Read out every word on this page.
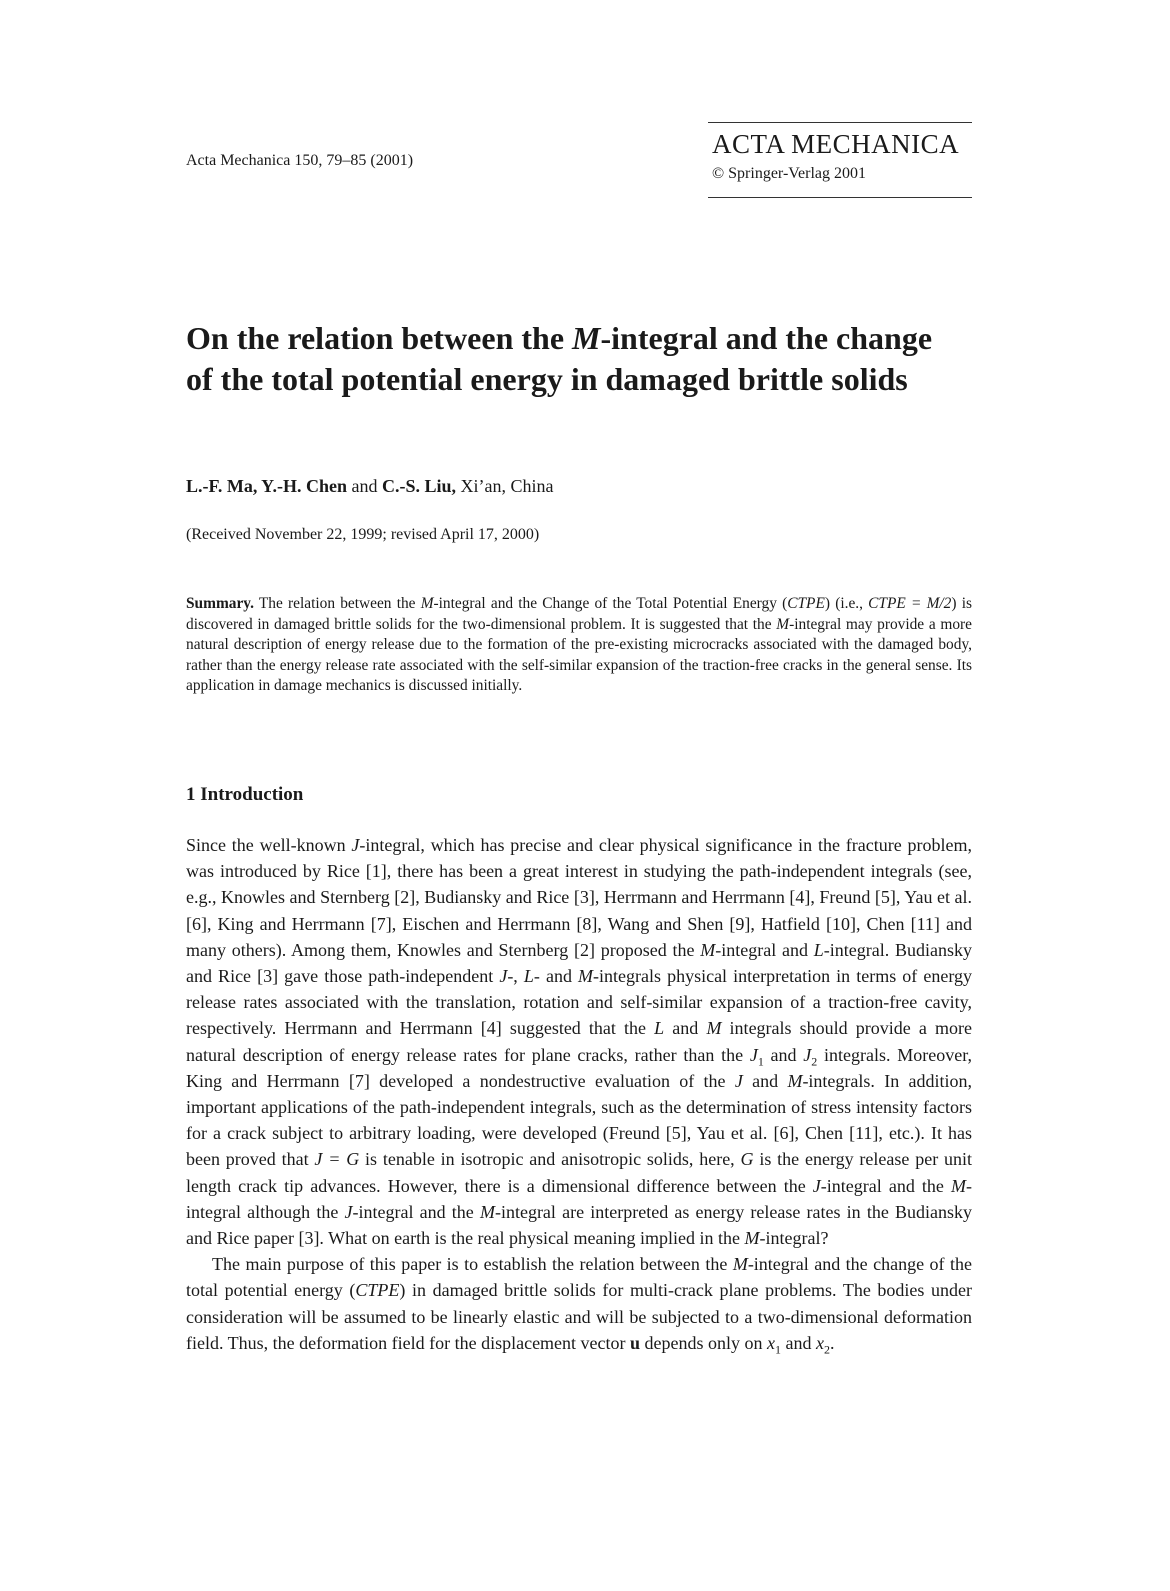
Acta Mechanica 150, 79–85 (2001)
ACTA MECHANICA
© Springer-Verlag 2001
On the relation between the M-integral and the change of the total potential energy in damaged brittle solids
L.-F. Ma, Y.-H. Chen and C.-S. Liu, Xi’an, China
(Received November 22, 1999; revised April 17, 2000)

Summary. The relation between the M-integral and the Change of the Total Potential Energy (CTPE) (i.e., CTPE = M/2) is discovered in damaged brittle solids for the two-dimensional problem. It is suggested that the M-integral may provide a more natural description of energy release due to the formation of the pre-existing microcracks associated with the damaged body, rather than the energy release rate associated with the self-similar expansion of the traction-free cracks in the general sense. Its application in damage mechanics is discussed initially.

1 Introduction

Since the well-known J-integral, which has precise and clear physical significance in the fracture problem, was introduced by Rice [1], there has been a great interest in studying the path-independent integrals (see, e.g., Knowles and Sternberg [2], Budiansky and Rice [3], Herrmann and Herrmann [4], Freund [5], Yau et al. [6], King and Herrmann [7], Eischen and Herrmann [8], Wang and Shen [9], Hatfield [10], Chen [11] and many others). Among them, Knowles and Sternberg [2] proposed the M-integral and L-integral. Budiansky and Rice [3] gave those path-independent J-, L- and M-integrals physical interpretation in terms of energy release rates associated with the translation, rotation and self-similar expansion of a traction-free cavity, respectively. Herrmann and Herrmann [4] suggested that the L and M integrals should provide a more natural description of energy release rates for plane cracks, rather than the $J_1$ and $J_2$ integrals. Moreover, King and Herrmann [7] developed a nondestructive evaluation of the J and M-integrals. In addition, important applications of the path-independent integrals, such as the determination of stress intensity factors for a crack subject to arbitrary loading, were developed (Freund [5], Yau et al. [6], Chen [11], etc.). It has been proved that J = G is tenable in isotropic and anisotropic solids, here, G is the energy release per unit length crack tip advances. However, there is a dimensional difference between the J-integral and the M-integral although the J-integral and the M-integral are interpreted as energy release rates in the Budiansky and Rice paper [3]. What on earth is the real physical meaning implied in the M-integral?

The main purpose of this paper is to establish the relation between the M-integral and the change of the total potential energy (CTPE) in damaged brittle solids for multi-crack plane problems. The bodies under consideration will be assumed to be linearly elastic and will be subjected to a two-dimensional deformation field. Thus, the deformation field for the displacement vector u depends only on $x_1$ and $x_2$.
